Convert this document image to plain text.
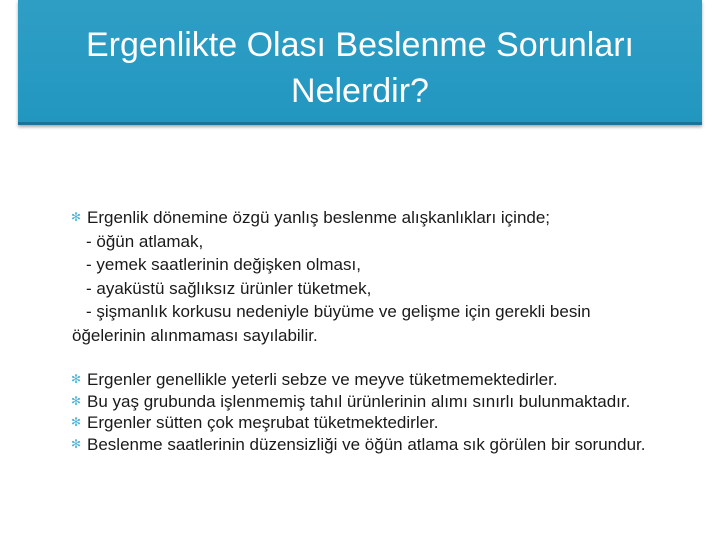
Ergenlikte Olası Beslenme Sorunları
Nelerdir?
✻ Ergenlik dönemine özgü yanlış beslenme alışkanlıkları içinde;
- öğün atlamak,
- yemek saatlerinin değişken olması,
- ayaküstü sağlıksız ürünler tüketmek,
- şişmanlık korkusu nedeniyle büyüme ve gelişme için gerekli besin
öğelerinin alınmaması sayılabilir.
✻ Ergenler genellikle yeterli sebze ve meyve tüketmemektedirler.
✻ Bu yaş grubunda işlenmemiş tahıl ürünlerinin alımı sınırlı bulunmaktadır.
✻ Ergenler sütten çok meşrubat tüketmektedirler.
✻ Beslenme saatlerinin düzensizliği ve öğün atlama sık görülen bir sorundur.
